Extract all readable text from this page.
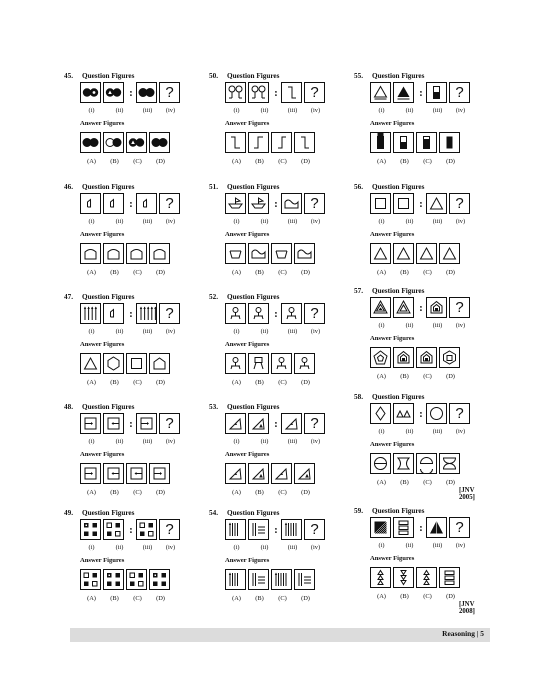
45. Question Figures
:	?
(i)	(ii)	(iii)	(iv)
Answer Figures
(A)	(B)	(C)	(D)
46. Question Figures
:	?
(i)	(ii)	(iii)	(iv)
Answer Figures
(A)	(B)	(C)	(D)
47. Question Figures
:	?
(i)	(ii)	(iii)	(iv)
Answer Figures
(A)	(B)	(C)	(D)
48. Question Figures
:	?
(i)	(ii)	(iii)	(iv)
Answer Figures
(A)	(B)	(C)	(D)
49. Question Figures
:	?
(i)	(ii)	(iii)	(iv)
Answer Figures
(A)	(B)	(C)	(D)
50. Question Figures
:	?
(i)	(ii)	(iii)	(iv)
Answer Figures
(A)	(B)	(C)	(D)
51. Question Figures
:	?
(i)	(ii)	(iii)	(iv)
Answer Figures
(A)	(B)	(C)	(D)
52. Question Figures
:	?
(i)	(ii)	(iii)	(iv)
Answer Figures
(A)	(B)	(C)	(D)
53. Question Figures
:	?
(i)	(ii)	(iii)	(iv)
Answer Figures
(A)	(B)	(C)	(D)
54. Question Figures
:	?
(i)	(ii)	(iii)	(iv)
Answer Figures
(A)	(B)	(C)	(D)
55. Question Figures
:	?
(i)	(ii)	(iii)	(iv)
Answer Figures
(A)	(B)	(C)	(D)
56. Question Figures
:	?
(i)	(ii)	(iii)	(iv)
Answer Figures
(A)	(B)	(C)	(D)
57. Question Figures
:	?
(i)	(ii)	(iii)	(iv)
Answer Figures
(A)	(B)	(C)	(D)
58. Question Figures
:	?
(i)	(ii)	(iii)	(iv)
Answer Figures
(A)	(B)	(C)	(D)
[JNV 2005]
59. Question Figures
:	?
(i)	(ii)	(iii)	(iv)
Answer Figures
(A)	(B)	(C)	(D)
[JNV 2008]
Reasoning | 5
